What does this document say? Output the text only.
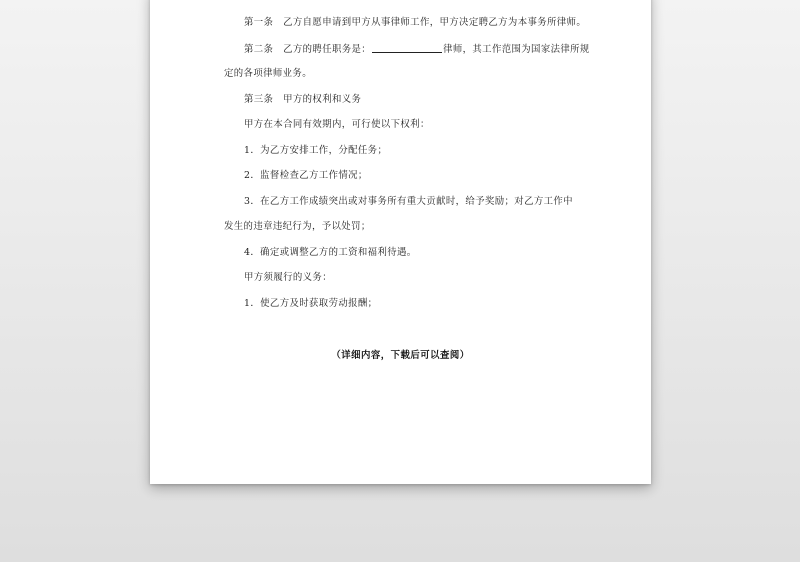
第一条　乙方自愿申请到甲方从事律师工作，甲方决定聘乙方为本事务所律师。
第二条　乙方的聘任职务是：	律师，其工作范围为国家法律所规
定的各项律师业务。
第三条　甲方的权利和义务
甲方在本合同有效期内，可行使以下权利：
1．为乙方安排工作，分配任务；
2．监督检查乙方工作情况；
3．在乙方工作成绩突出或对事务所有重大贡献时，给予奖励；对乙方工作中
发生的违章违纪行为，予以处罚；
4．确定或调整乙方的工资和福利待遇。
甲方须履行的义务：
1．使乙方及时获取劳动报酬；
（详细内容，下载后可以查阅）
